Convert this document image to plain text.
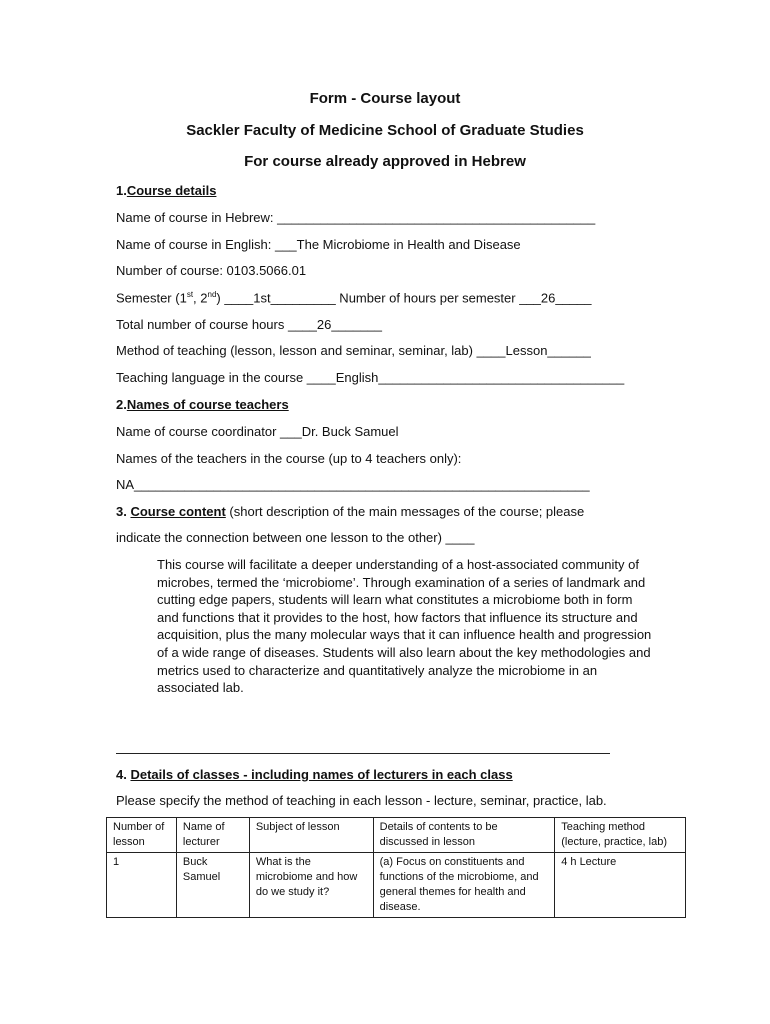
Form - Course layout
Sackler Faculty of Medicine School of Graduate Studies
For course already approved in Hebrew
1.Course details
Name of course in Hebrew: ____________________________________________
Name of course in English: ___The Microbiome in Health and Disease
Number of course: 0103.5066.01
Semester (1st, 2nd) ____1st_________ Number of hours per semester ___26_____
Total number of course hours ____26_______
Method of teaching (lesson, lesson and seminar, seminar, lab) ____Lesson______
Teaching language in the course ____English__________________________________
2.Names of course teachers
Name of course coordinator ___Dr. Buck Samuel
Names of the teachers in the course (up to 4 teachers only):
NA_______________________________________________________________
3. Course content (short description of the main messages of the course; please
indicate the connection between one lesson to the other) ____

This course will facilitate a deeper understanding of a host-associated community of microbes, termed the ‘microbiome’. Through examination of a series of landmark and cutting edge papers, students will learn what constitutes a microbiome both in form and functions that it provides to the host, how factors that influence its structure and acquisition, plus the many molecular ways that it can influence health and progression of a wide range of diseases. Students will also learn about the key methodologies and metrics used to characterize and quantitatively analyze the microbiome in an associated lab.

4. Details of classes - including names of lecturers in each class
Please specify the method of teaching in each lesson - lecture, seminar, practice, lab.
Number of lesson	Name of lecturer	Subject of lesson	Details of contents to be discussed in lesson	Teaching method (lecture, practice, lab)
1	Buck Samuel	What is the microbiome and how do we study it?	(a) Focus on constituents and functions of the microbiome, and general themes for health and disease.	4 h Lecture
